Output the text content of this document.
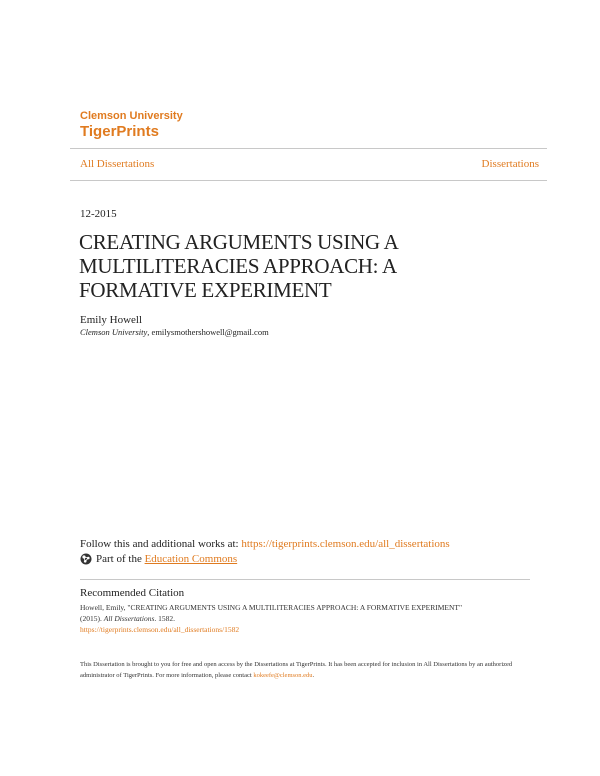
Clemson University
TigerPrints
All Dissertations	Dissertations
12-2015
CREATING ARGUMENTS USING A MULTILITERACIES APPROACH: A FORMATIVE EXPERIMENT
Emily Howell
Clemson University, emilysmothershowell@gmail.com
Follow this and additional works at: https://tigerprints.clemson.edu/all_dissertations
Part of the
Education Commons
Recommended Citation
Howell, Emily, "CREATING ARGUMENTS USING A MULTILITERACIES APPROACH: A FORMATIVE EXPERIMENT"
(2015). All Dissertations. 1582.
https://tigerprints.clemson.edu/all_dissertations/1582
This Dissertation is brought to you for free and open access by the Dissertations at TigerPrints. It has been accepted for inclusion in All Dissertations by an authorized administrator of TigerPrints. For more information, please contact kokeefe@clemson.edu.
